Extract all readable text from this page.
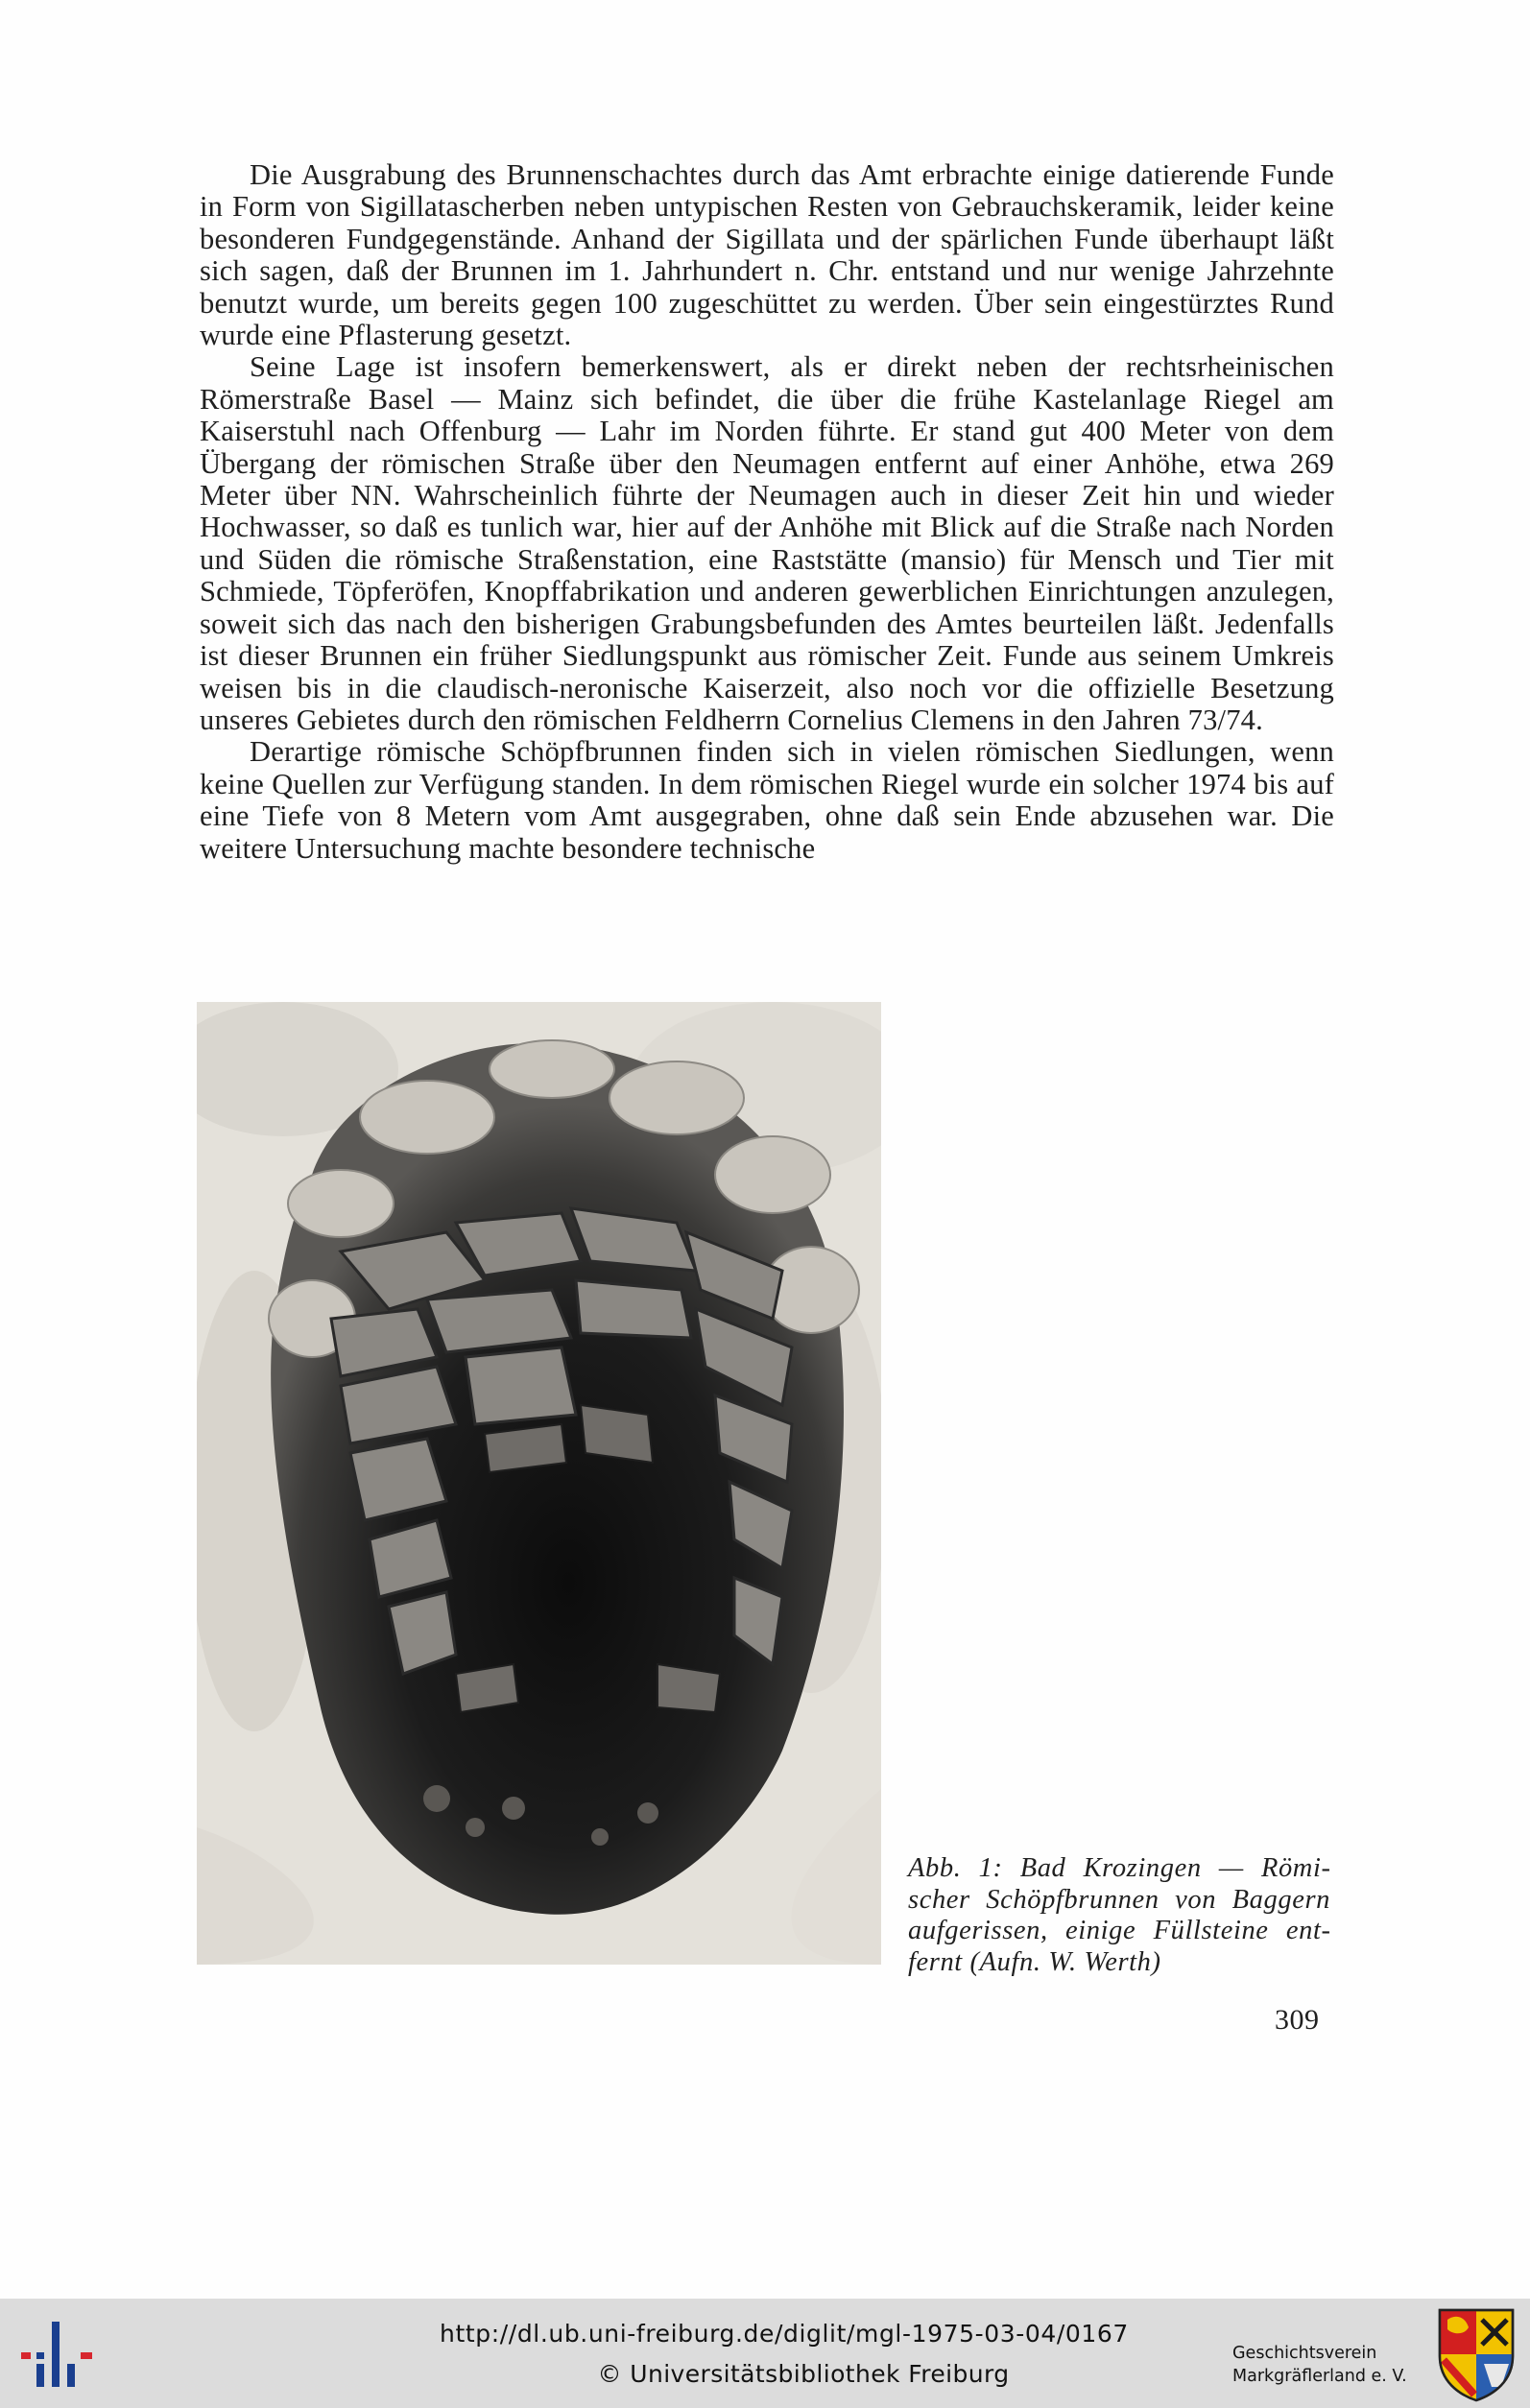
Die Ausgrabung des Brunnenschachtes durch das Amt erbrachte einige datierende Funde in Form von Sigillatascherben neben untypischen Resten von Gebrauchskeramik, leider keine besonderen Fundgegenstände. Anhand der Sigillata und der spärlichen Funde überhaupt läßt sich sagen, daß der Brunnen im 1. Jahrhundert n. Chr. entstand und nur wenige Jahrzehnte benutzt wurde, um bereits gegen 100 zugeschüttet zu werden. Über sein eingestürztes Rund wurde eine Pflasterung gesetzt.

Seine Lage ist insofern bemerkenswert, als er direkt neben der rechtsrheinischen Römerstraße Basel — Mainz sich befindet, die über die frühe Kastelanlage Riegel am Kaiserstuhl nach Offenburg — Lahr im Norden führte. Er stand gut 400 Meter von dem Übergang der römischen Straße über den Neumagen entfernt auf einer Anhöhe, etwa 269 Meter über NN. Wahrscheinlich führte der Neumagen auch in dieser Zeit hin und wieder Hochwasser, so daß es tunlich war, hier auf der Anhöhe mit Blick auf die Straße nach Norden und Süden die römische Straßenstation, eine Raststätte (mansio) für Mensch und Tier mit Schmiede, Töpferöfen, Knopffabrikation und anderen gewerblichen Einrichtungen anzulegen, soweit sich das nach den bisherigen Grabungsbefunden des Amtes beurteilen läßt. Jedenfalls ist dieser Brunnen ein früher Siedlungspunkt aus römischer Zeit. Funde aus seinem Umkreis weisen bis in die claudisch-neronische Kaiserzeit, also noch vor die offizielle Besetzung unseres Gebietes durch den römischen Feldherrn Cornelius Clemens in den Jahren 73/74.

Derartige römische Schöpfbrunnen finden sich in vielen römischen Siedlungen, wenn keine Quellen zur Verfügung standen. In dem römischen Riegel wurde ein solcher 1974 bis auf eine Tiefe von 8 Metern vom Amt ausgegraben, ohne daß sein Ende abzusehen war. Die weitere Untersuchung machte besondere technische

Abb. 1: Bad Krozingen — Römischer Schöpfbrunnen von Baggern aufgerissen, einige Füllsteine entfernt (Aufn. W. Werth)
309
http://dl.ub.uni-freiburg.de/diglit/mgl-1975-03-04/0167
© Universitätsbibliothek Freiburg
Geschichtsverein
Markgräflerland e. V.
